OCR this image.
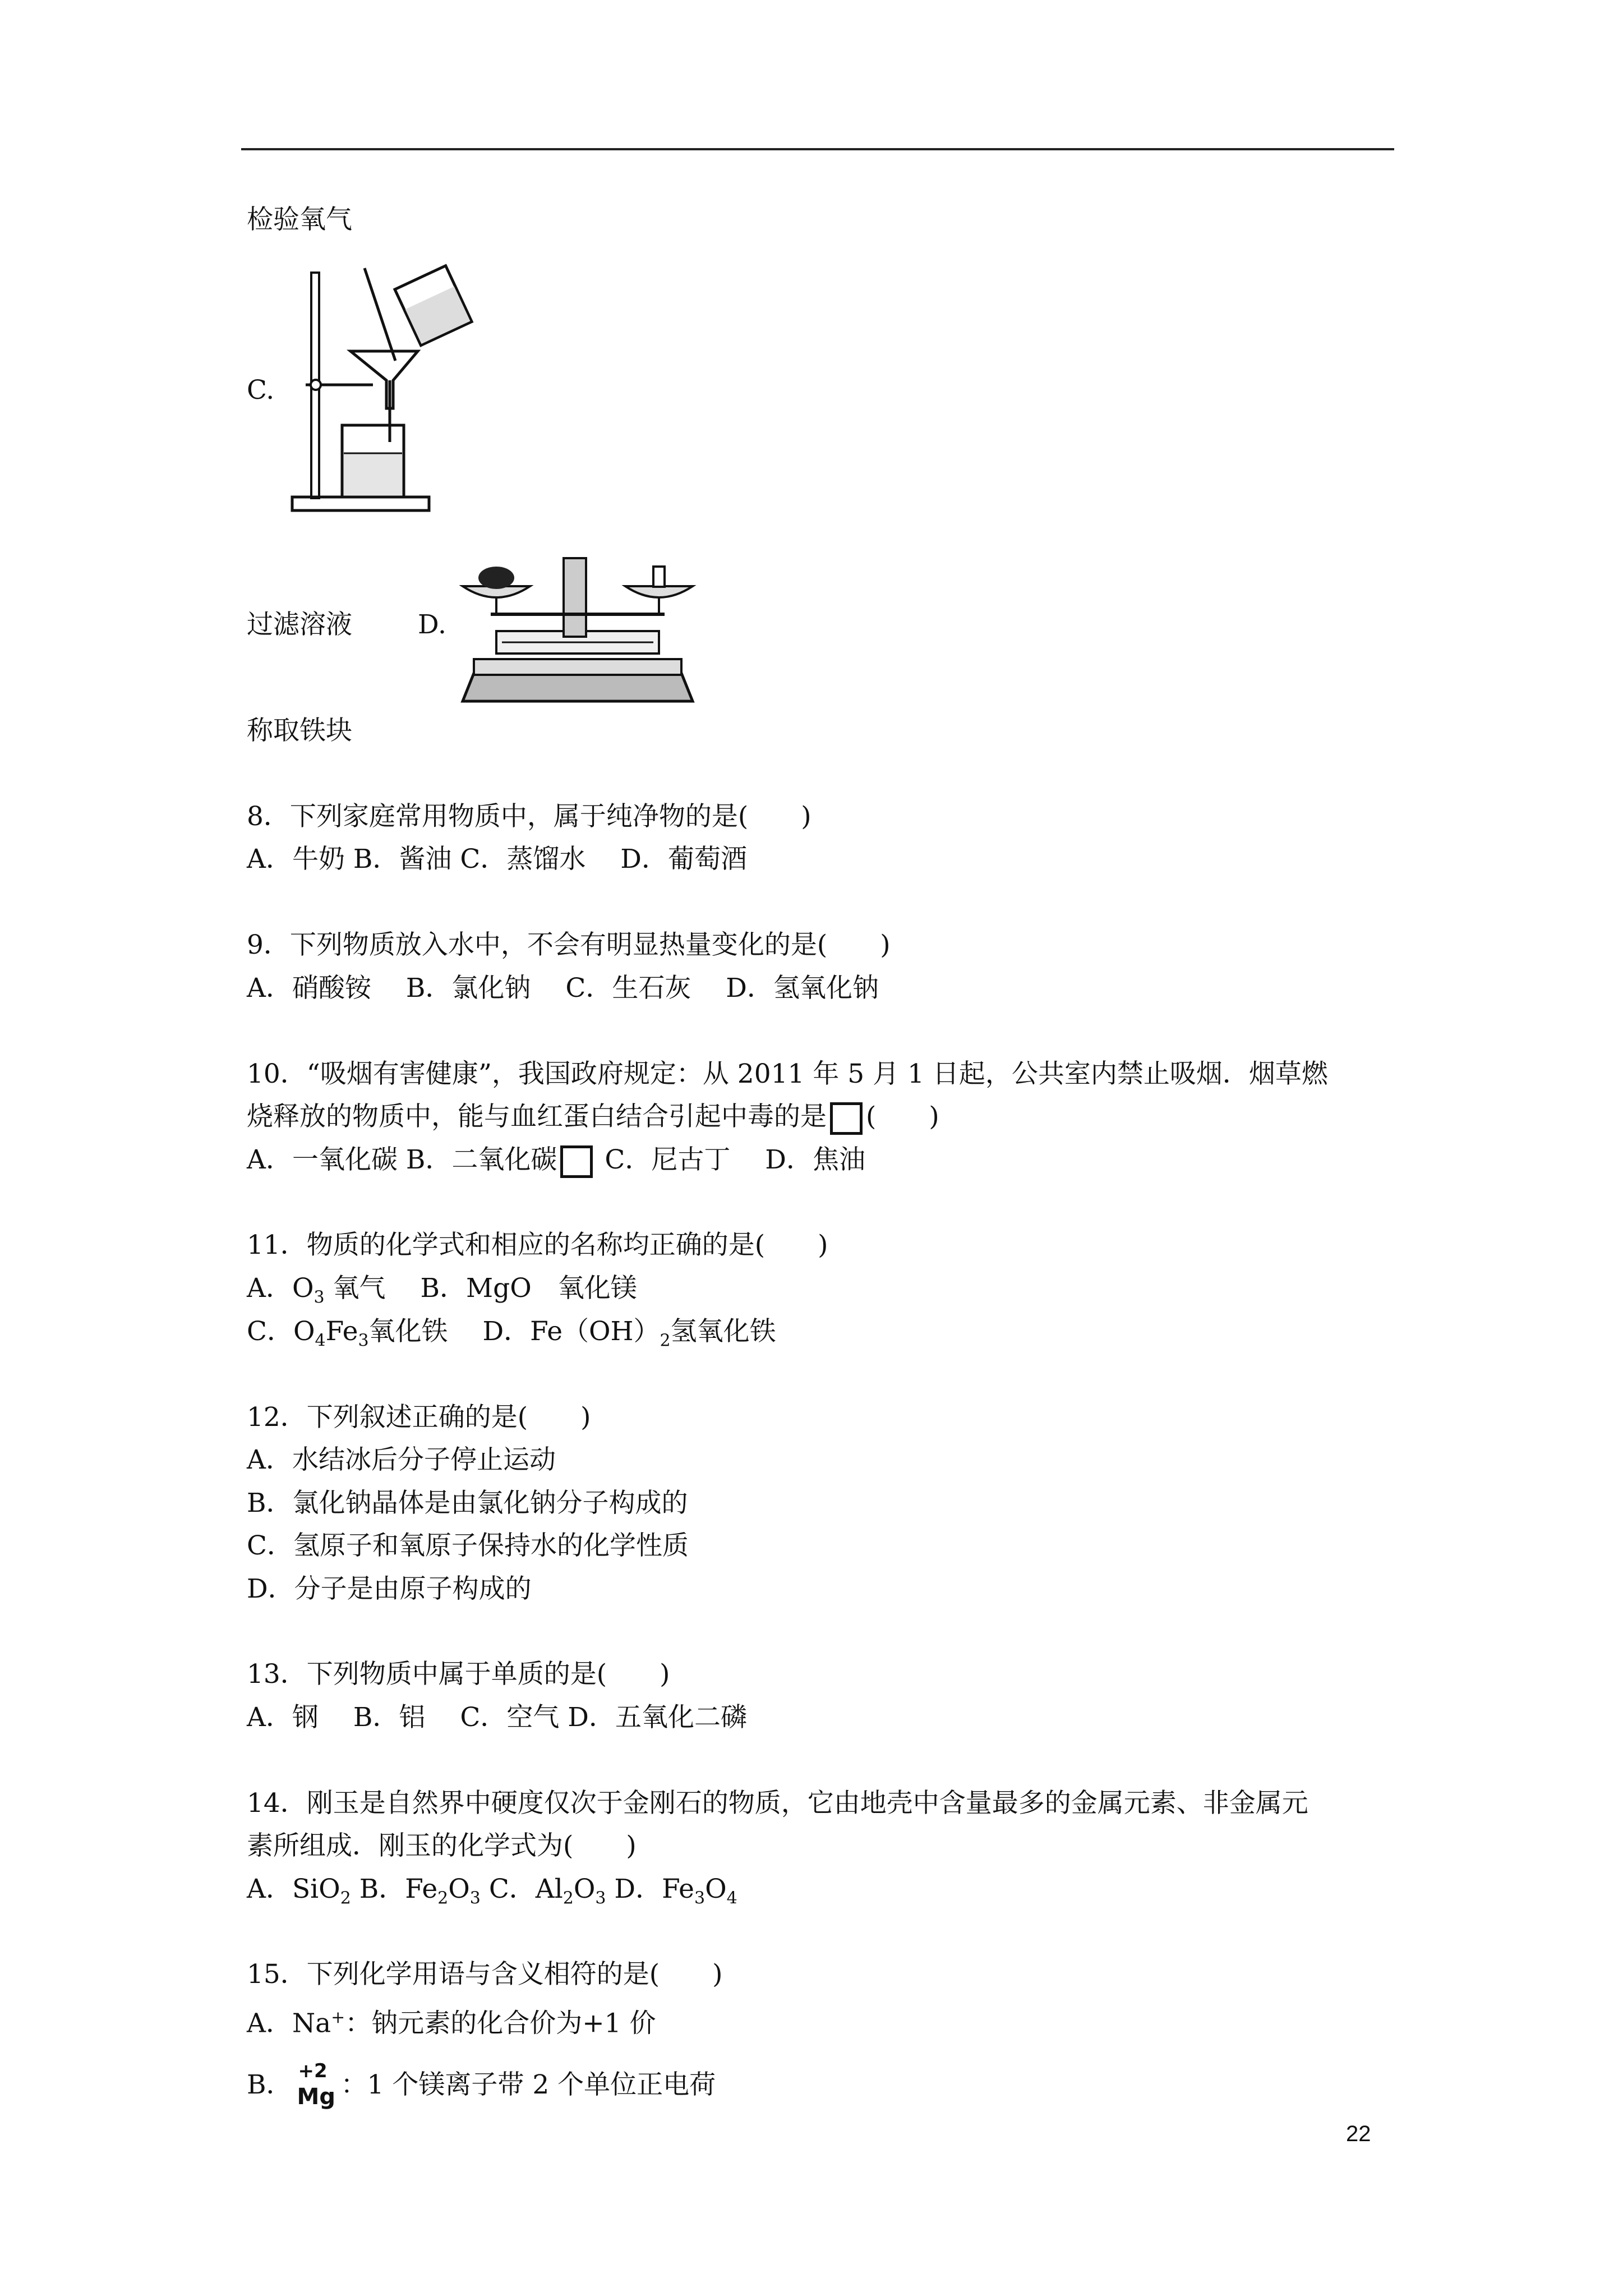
检验氧气
C.
过滤溶液 D.
称取铁块
8．下列家庭常用物质中，属于纯净物的是(　　)
A．牛奶 B．酱油 C．蒸馏水　 D．葡萄酒
9．下列物质放入水中，不会有明显热量变化的是(　　)
A．硝酸铵　 B．氯化钠　 C．生石灰　 D．氢氧化钠
10．“吸烟有害健康”，我国政府规定：从 2011 年 5 月 1 日起，公共室内禁止吸烟．烟草燃
烧释放的物质中，能与血红蛋白结合引起中毒的是 (　　)
A．一氧化碳 B．二氧化碳 C．尼古丁　 D．焦油
11．物质的化学式和相应的名称均正确的是(　　)
A．$O_3$ 氧气　 B．MgO　氧化镁
C．$O_4Fe_3$氧化铁　 D．$Fe(OH)_2$氢氧化铁
12．下列叙述正确的是(　　)
A．水结冰后分子停止运动
B．氯化钠晶体是由氯化钠分子构成的
C．氢原子和氧原子保持水的化学性质
D．分子是由原子构成的
13．下列物质中属于单质的是(　　)
A．钢　 B．铝　 C．空气 D．五氧化二磷
14．刚玉是自然界中硬度仅次于金刚石的物质，它由地壳中含量最多的金属元素、非金属元
素所组成．刚玉的化学式为(　　)
A．SiO$_2$ B．$Fe_2O_3$ C．$Al_2O_3$ D．$Fe_3O_4$
15．下列化学用语与含义相符的是(　　)
A．Na+：钠元素的化合价为+1 价
B． +2
Mg ：1 个镁离子带 2 个单位正电荷
22
